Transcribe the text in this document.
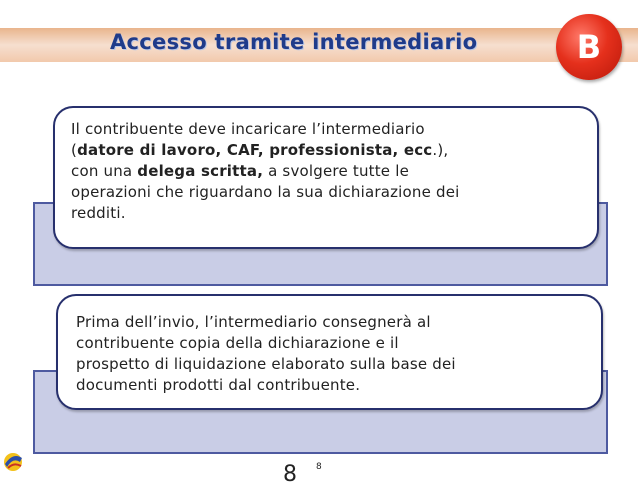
Accesso tramite intermediario	B
Il contribuente deve incaricare l’intermediario
(datore di lavoro, CAF, professionista, ecc.),
con una delega scritta, a svolgere tutte le
operazioni che riguardano la sua dichiarazione dei
redditi.
Prima dell’invio, l’intermediario consegnerà al
contribuente copia della dichiarazione e il
prospetto di liquidazione elaborato sulla base dei
documenti prodotti dal contribuente.
8
8
